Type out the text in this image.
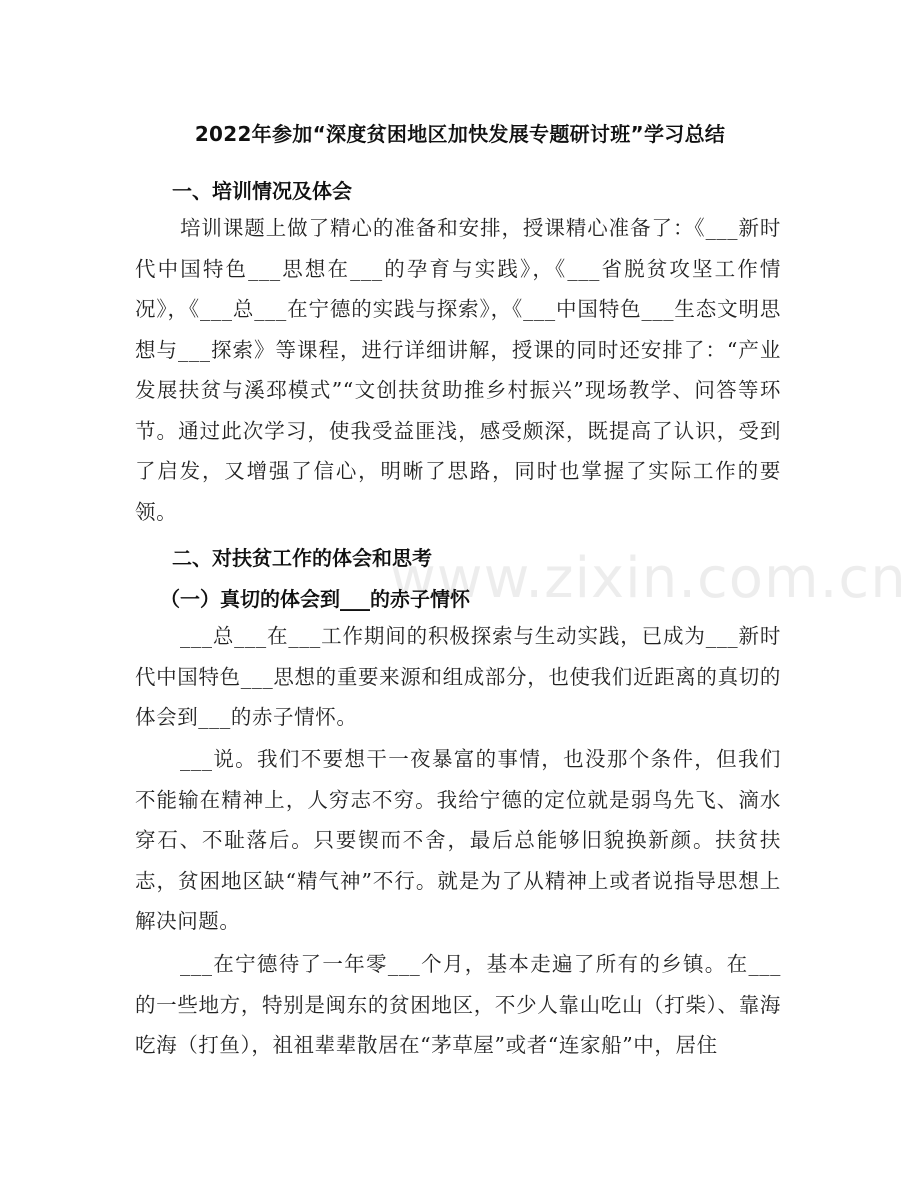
www.zixin.com.cn
2022年参加“深度贫困地区加快发展专题研讨班”学习总结
一、培训情况及体会

培训课题上做了精心的准备和安排，授课精心准备了：《___新时代中国特色___思想在___的孕育与实践》，《___省脱贫攻坚工作情况》，《___总___在宁德的实践与探索》，《___中国特色___生态文明思想与___探索》等课程，进行详细讲解，授课的同时还安排了：“产业发展扶贫与溪邳模式”“文创扶贫助推乡村振兴”现场教学、问答等环节。通过此次学习，使我受益匪浅，感受颇深，既提高了认识，受到了启发，又增强了信心，明晰了思路，同时也掌握了实际工作的要领。

二、对扶贫工作的体会和思考
（一）真切的体会到___的赤子情怀

___总___在___工作期间的积极探索与生动实践，已成为___新时代中国特色___思想的重要来源和组成部分，也使我们近距离的真切的体会到___的赤子情怀。

___说。我们不要想干一夜暴富的事情，也没那个条件，但我们不能输在精神上，人穷志不穷。我给宁德的定位就是弱鸟先飞、滴水穿石、不耻落后。只要锲而不舍，最后总能够旧貌换新颜。扶贫扶志，贫困地区缺“精气神”不行。就是为了从精神上或者说指导思想上解决问题。

___在宁德待了一年零___个月，基本走遍了所有的乡镇。在___的一些地方，特别是闽东的贫困地区，不少人靠山吃山（打柴）、靠海吃海（打鱼），祖祖辈辈散居在“茅草屋”或者“连家船”中，居住
